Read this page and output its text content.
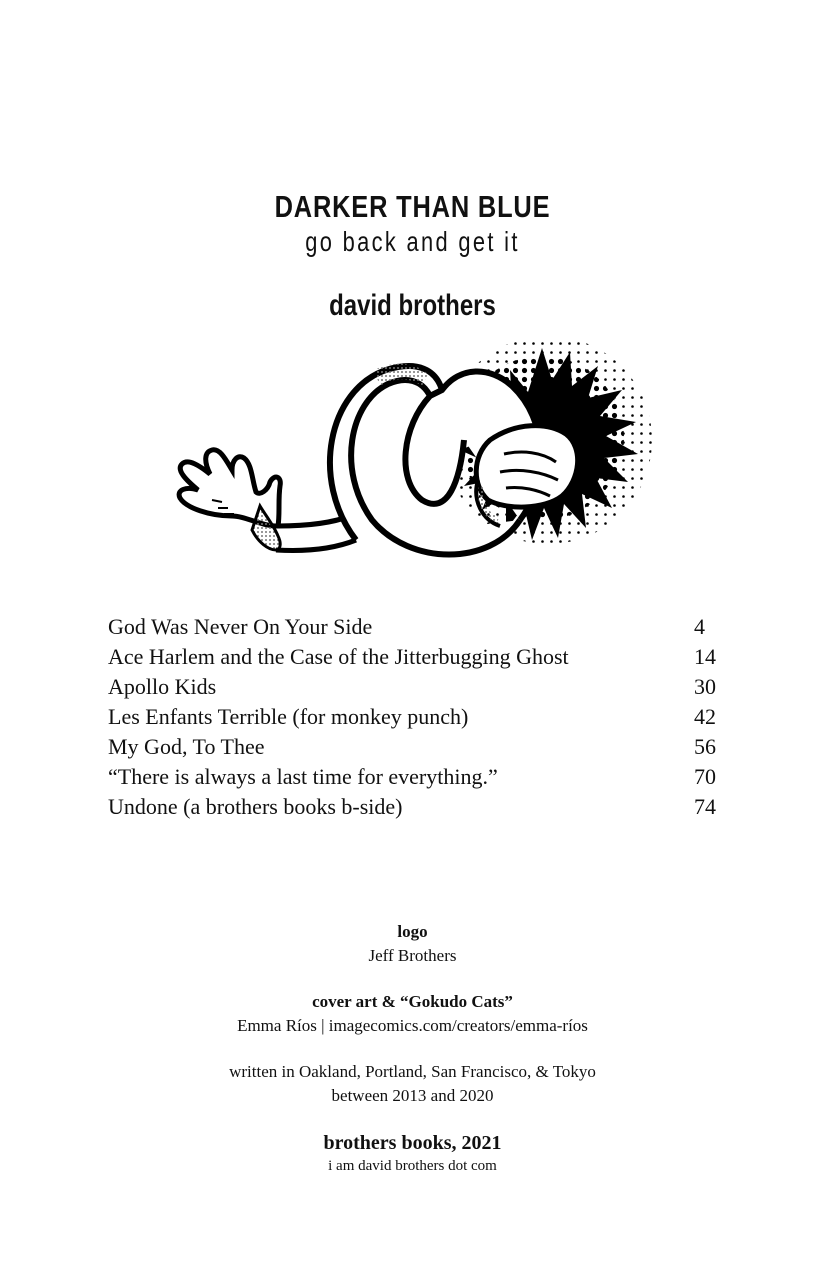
DARKER THAN BLUE
go back and get it
david brothers
God Was Never On Your Side	4
Ace Harlem and the Case of the Jitterbugging Ghost	14
Apollo Kids	30
Les Enfants Terrible (for monkey punch)	42
My God, To Thee	56
“There is always a last time for everything.”	70
Undone (a brothers books b-side)	74
logo
Jeff Brothers
cover art & “Gokudo Cats”
Emma Ríos | imagecomics.com/creators/emma-ríos
written in Oakland, Portland, San Francisco, & Tokyo
between 2013 and 2020
brothers books, 2021
i am david brothers dot com
